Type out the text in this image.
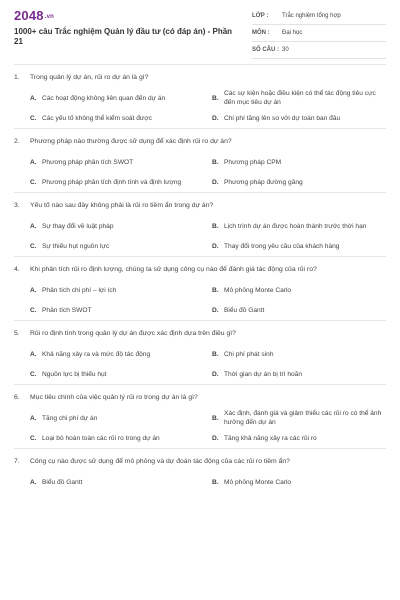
2048.vn
1000+ câu Trắc nghiệm Quản lý đầu tư (có đáp án) - Phần 21
LỚP :	Trắc nghiệm tổng hợp
MÔN :	Đại học
SỐ CÂU : 30
1.	Trong quản lý dự án, rủi ro dự án là gì?
A. Các hoạt động không liên quan đến dự án	B.
Các sự kiện hoặc điều kiện có thể tác động tiêu cực đến mục tiêu dự án
C. Các yếu tố không thể kiểm soát được	D. Chi phí tăng lên so với dự toán ban đầu
2.	Phương pháp nào thường được sử dụng để xác định rủi ro dự án?
A. Phương pháp phân tích SWOT	B. Phương pháp CPM
C. Phương pháp phân tích định tính và định lượng	D. Phương pháp đường găng
3.	Yếu tố nào sau đây không phải là rủi ro tiềm ẩn trong dự án?
A. Sự thay đổi về luật pháp	B. Lịch trình dự án được hoàn thành trước thời hạn
C. Sự thiếu hụt nguồn lực	D. Thay đổi trong yêu cầu của khách hàng
4.	Khi phân tích rủi ro định lượng, chúng ta sử dụng công cụ nào để đánh giá tác động của rủi ro?
A. Phân tích chi phí – lợi ích	B. Mô phỏng Monte Carlo
C. Phân tích SWOT	D. Biểu đồ Gantt
5.	Rủi ro định tính trong quản lý dự án được xác định dựa trên điều gì?
A. Khả năng xảy ra và mức độ tác động	B. Chi phí phát sinh
C. Nguồn lực bị thiếu hụt	D. Thời gian dự án bị trì hoãn
6.	Mục tiêu chính của việc quản lý rủi ro trong dự án là gì?
A. Tăng chi phí dự án	B.
Xác định, đánh giá và giảm thiểu các rủi ro có thể ảnh hưởng đến dự án
C. Loại bỏ hoàn toàn các rủi ro trong dự án	D. Tăng khả năng xảy ra các rủi ro
7.	Công cụ nào được sử dụng để mô phỏng và dự đoán tác động của các rủi ro tiềm ẩn?
A. Biểu đồ Gantt	B. Mô phỏng Monte Carlo
